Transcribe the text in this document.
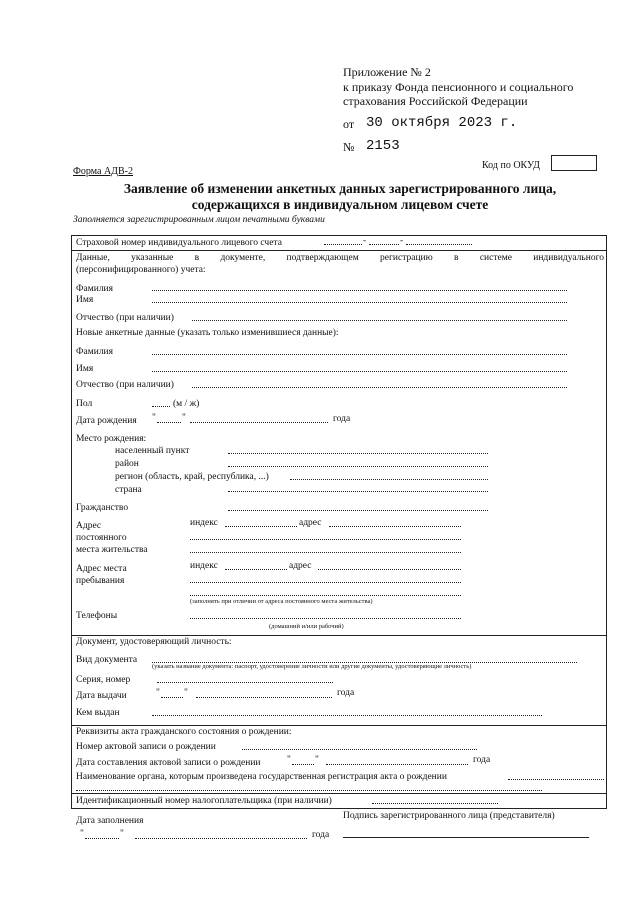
Приложение № 2
к приказу Фонда пенсионного и социального
страхования Российской Федерации
от 30 октября 2023 г.
№ 2153
Форма АДВ-2
Код по ОКУД
Заявление об изменении анкетных данных зарегистрированного лица,
содержащихся в индивидуальном лицевом счете
Заполняется зарегистрированным лицом печатными буквами
Страховой номер индивидуального лицевого счета	-	-
Данные, указанные в документе, подтверждающем регистрацию в системе индивидуального
(персонифицированного) учета:
Фамилия
Имя
Отчество (при наличии)
Новые анкетные данные (указать только изменившиеся данные):
Фамилия
Имя
Отчество (при наличии)
Пол	(м / ж)
Дата рождения "	"	года
Место рождения:
населенный пункт
район
регион (область, край, республика, ...)
страна
Гражданство
Адрес
постоянного
места жительства
индекс	адрес
Адрес места
пребывания
индекс	адрес
(заполнять при отличии от адреса постоянного места жительства)
Телефоны
(домашний и/или рабочий)
Документ, удостоверяющий личность:
Вид документа
(указать название документа: паспорт, удостоверение личности или другие документы, удостоверяющие личность)
Серия, номер
Дата выдачи	"	"	года
Кем выдан
Реквизиты акта гражданского состояния о рождении:
Номер актовой записи о рождении
Дата составления актовой записи о рождении	"	"	года
Наименование органа, которым произведена государственная регистрация акта о рождении
Идентификационный номер налогоплательщика (при наличии)
Дата заполнения
"	"	года
Подпись зарегистрированного лица (представителя)
